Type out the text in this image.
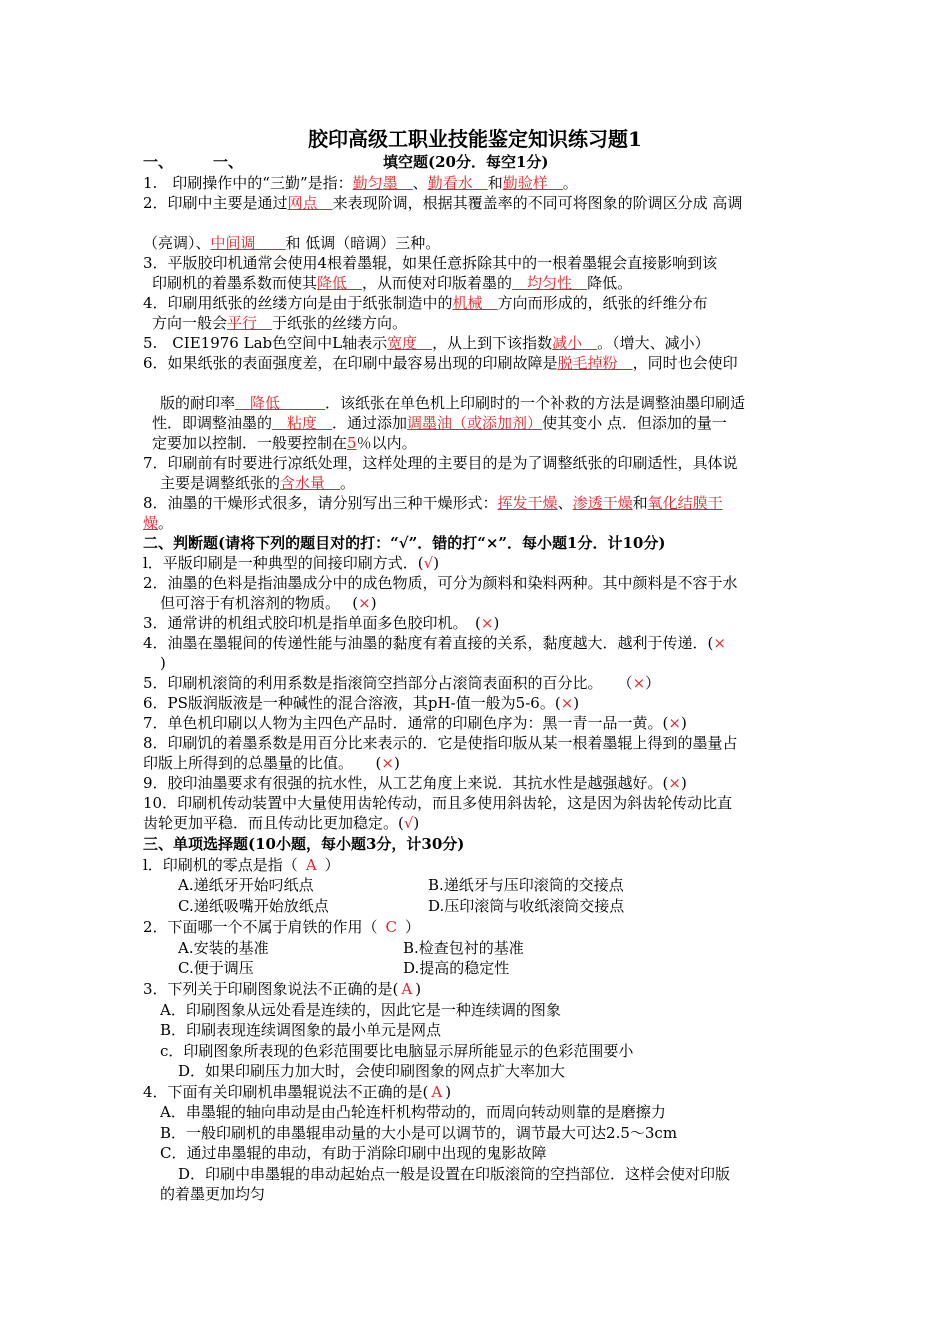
胶印高级工职业技能鉴定知识练习题1
一、	一、	填空题(20分．每空1分)
1.　印刷操作中的“三勤”是指：勤匀墨　、勤看水　和勤验样　。
2．印刷中主要是通过网点　来表现阶调，根据其覆盖率的不同可将图象的阶调区分成 高调
（亮调）、中间调　　和 低调（暗调）三种。
3．平版胶印机通常会使用4根着墨辊，如果任意拆除其中的一根着墨辊会直接影响到该
印刷机的着墨系数而使其降低　，从而使对印版着墨的　均匀性　降低。
4．印刷用纸张的丝缕方向是由于纸张制造中的机械　方向而形成的，纸张的纤维分布
方向一般会平行　于纸张的丝缕方向。
5.　CIE1976 Lab色空间中L轴表示宽度　，从上到下该指数减小　。（增大、减小）
6．如果纸张的表面强度差，在印刷中最容易出现的印刷故障是脱毛掉粉　，同时也会使印
版的耐印率　降低　　　．该纸张在单色机上印刷时的一个补救的方法是调整油墨印刷适
性．即调整油墨的　粘度　．通过添加调墨油（或添加剂）使其变小 点．但添加的量一
定要加以控制．一般要控制在5％以内。
7．印刷前有时要进行凉纸处理，这样处理的主要目的是为了调整纸张的印刷适性，具体说
主要是调整纸张的含水量　。
8．油墨的干燥形式很多，请分别写出三种干燥形式：挥发干燥、渗透干燥和氧化结膜干
燥。
二、判断题(请将下列的题目对的打：“√”．错的打“×”．每小题1分．计10分)
l．平版印刷是一种典型的间接印刷方式．(√)
2．油墨的色料是指油墨成分中的成色物质，可分为颜料和染料两种。其中颜料是不容于水
但可溶于有机溶剂的物质。　 (×)
3．通常讲的机组式胶印机是指单面多色胶印机。　(×)
4．油墨在墨辊间的传递性能与油墨的黏度有着直接的关系，黏度越大．越利于传递．(×
)
5．印刷机滚筒的利用系数是指滚筒空挡部分占滚筒表面积的百分比。　　（×）
6．PS版润版液是一种碱性的混合溶液，其pH-值一般为5-6。(×)
7．单色机印刷以人物为主四色产品时．通常的印刷色序为：黑一青一品一黄。(×)
8．印刷饥的着墨系数是用百分比来表示的．它是使指印版从某一根着墨辊上得到的墨量占
印版上所得到的总墨量的比值。　　(×)
9．胶印油墨要求有很强的抗水性，从工艺角度上来说．其抗水性是越强越好。(×)
10．印刷机传动装置中大量使用齿轮传动，而且多使用斜齿轮，这是因为斜齿轮传动比直
齿轮更加平稳．而且传动比更加稳定。(√)
三、单项选择题(10小题，每小题3分，计30分)
l．印刷机的零点是指（ A ）
A.递纸牙开始叼纸点	B.递纸牙与压印滚筒的交接点
C.递纸吸嘴开始放纸点	D.压印滚筒与收纸滚筒交接点
2．下面哪一个不属于肩铁的作用（ C ）
A.安装的基准	B.检查包衬的基准
C.便于调压	D.提高的稳定性
3．下列关于印刷图象说法不正确的是( A )
A．印刷图象从远处看是连续的，因此它是一种连续调的图象
B．印刷表现连续调图象的最小单元是网点
c．印刷图象所表现的色彩范围要比电脑显示屏所能显示的色彩范围要小
D．如果印刷压力加大时，会使印刷图象的网点扩大率加大
4．下面有关印刷机串墨辊说法不正确的是( A )
A．串墨辊的轴向串动是由凸轮连杆机构带动的，而周向转动则靠的是磨擦力
B．一般印刷机的串墨辊串动量的大小是可以调节的，调节最大可达2.5～3cm
C．通过串墨辊的串动，有助于消除印刷中出现的鬼影故障
D．印刷中串墨辊的串动起始点一般是设置在印版滚筒的空挡部位．这样会使对印版
的着墨更加均匀
